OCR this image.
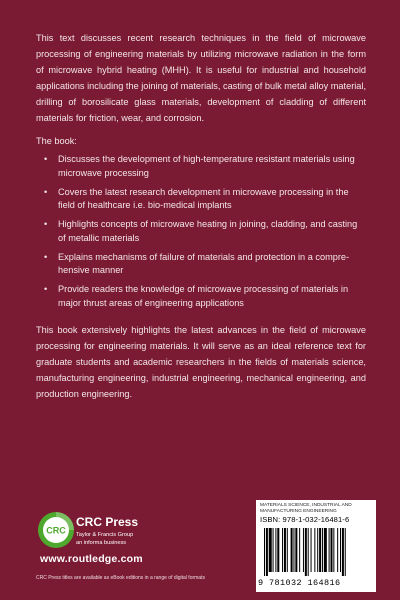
This text discusses recent research techniques in the field of microwave processing of engineering materials by utilizing microwave radiation in the form of microwave hybrid heating (MHH). It is useful for industrial and household applications including the joining of materials, casting of bulk metal alloy material, drilling of borosilicate glass materials, development of cladding of different materials for friction, wear, and corrosion.

The book:

• Discusses the development of high-temperature resistant materials using microwave processing
• Covers the latest research development in microwave processing in the field of healthcare i.e. bio-medical implants
• Highlights concepts of microwave heating in joining, cladding, and casting of metallic materials
• Explains mechanisms of failure of materials and protection in a compre-hensive manner
• Provide readers the knowledge of microwave processing of materials in major thrust areas of engineering applications

This book extensively highlights the latest advances in the field of microwave processing for engineering materials. It will serve as an ideal reference text for graduate students and academic researchers in the fields of materials science, manufacturing engineering, industrial engineering, mechanical engineering, and production engineering.

CRC
CRC Press
Taylor & Francis Group
an informa business
www.routledge.com
CRC Press titles are available as eBook editions in a range of digital formats
MATERIALS SCIENCE, INDUSTRIAL AND MANUFACTURING ENGINEERING
ISBN: 978-1-032-16481-6
9 781032 164816
